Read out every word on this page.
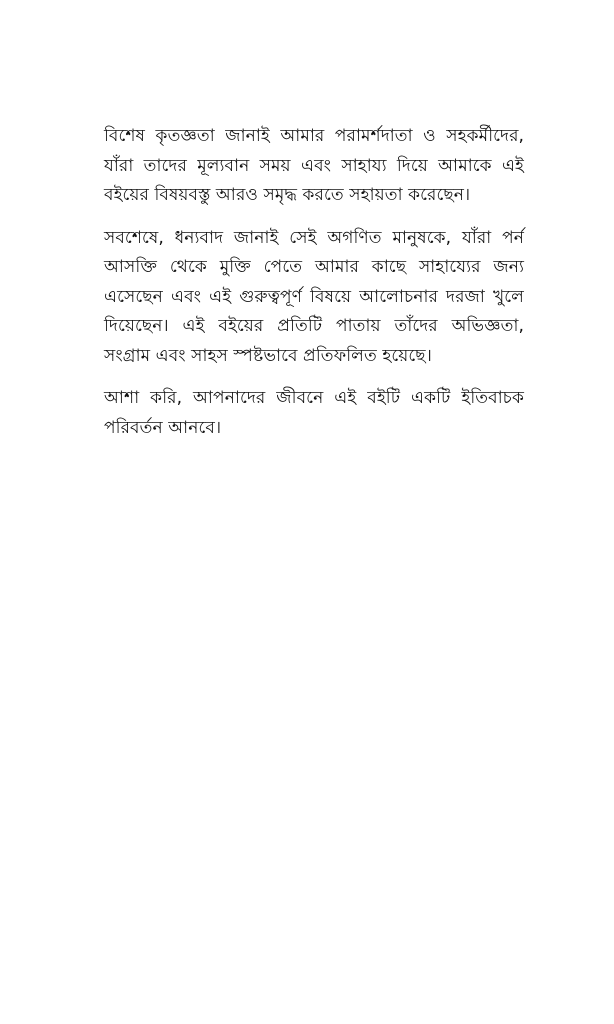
বিশেষ কৃতজ্ঞতা জানাই আমার পরামর্শদাতা ও সহকর্মীদের, যাঁরা তাদের মূল্যবান সময় এবং সাহায্য দিয়ে আমাকে এই বইয়ের বিষয়বস্তু আরও সমৃদ্ধ করতে সহায়তা করেছেন।

সবশেষে, ধন্যবাদ জানাই সেই অগণিত মানুষকে, যাঁরা পর্ন আসক্তি থেকে মুক্তি পেতে আমার কাছে সাহায্যের জন্য এসেছেন এবং এই গুরুত্বপূর্ণ বিষয়ে আলোচনার দরজা খুলে দিয়েছেন। এই বইয়ের প্রতিটি পাতায় তাঁদের অভিজ্ঞতা, সংগ্রাম এবং সাহস স্পষ্টভাবে প্রতিফলিত হয়েছে।

আশা করি, আপনাদের জীবনে এই বইটি একটি ইতিবাচক পরিবর্তন আনবে।
